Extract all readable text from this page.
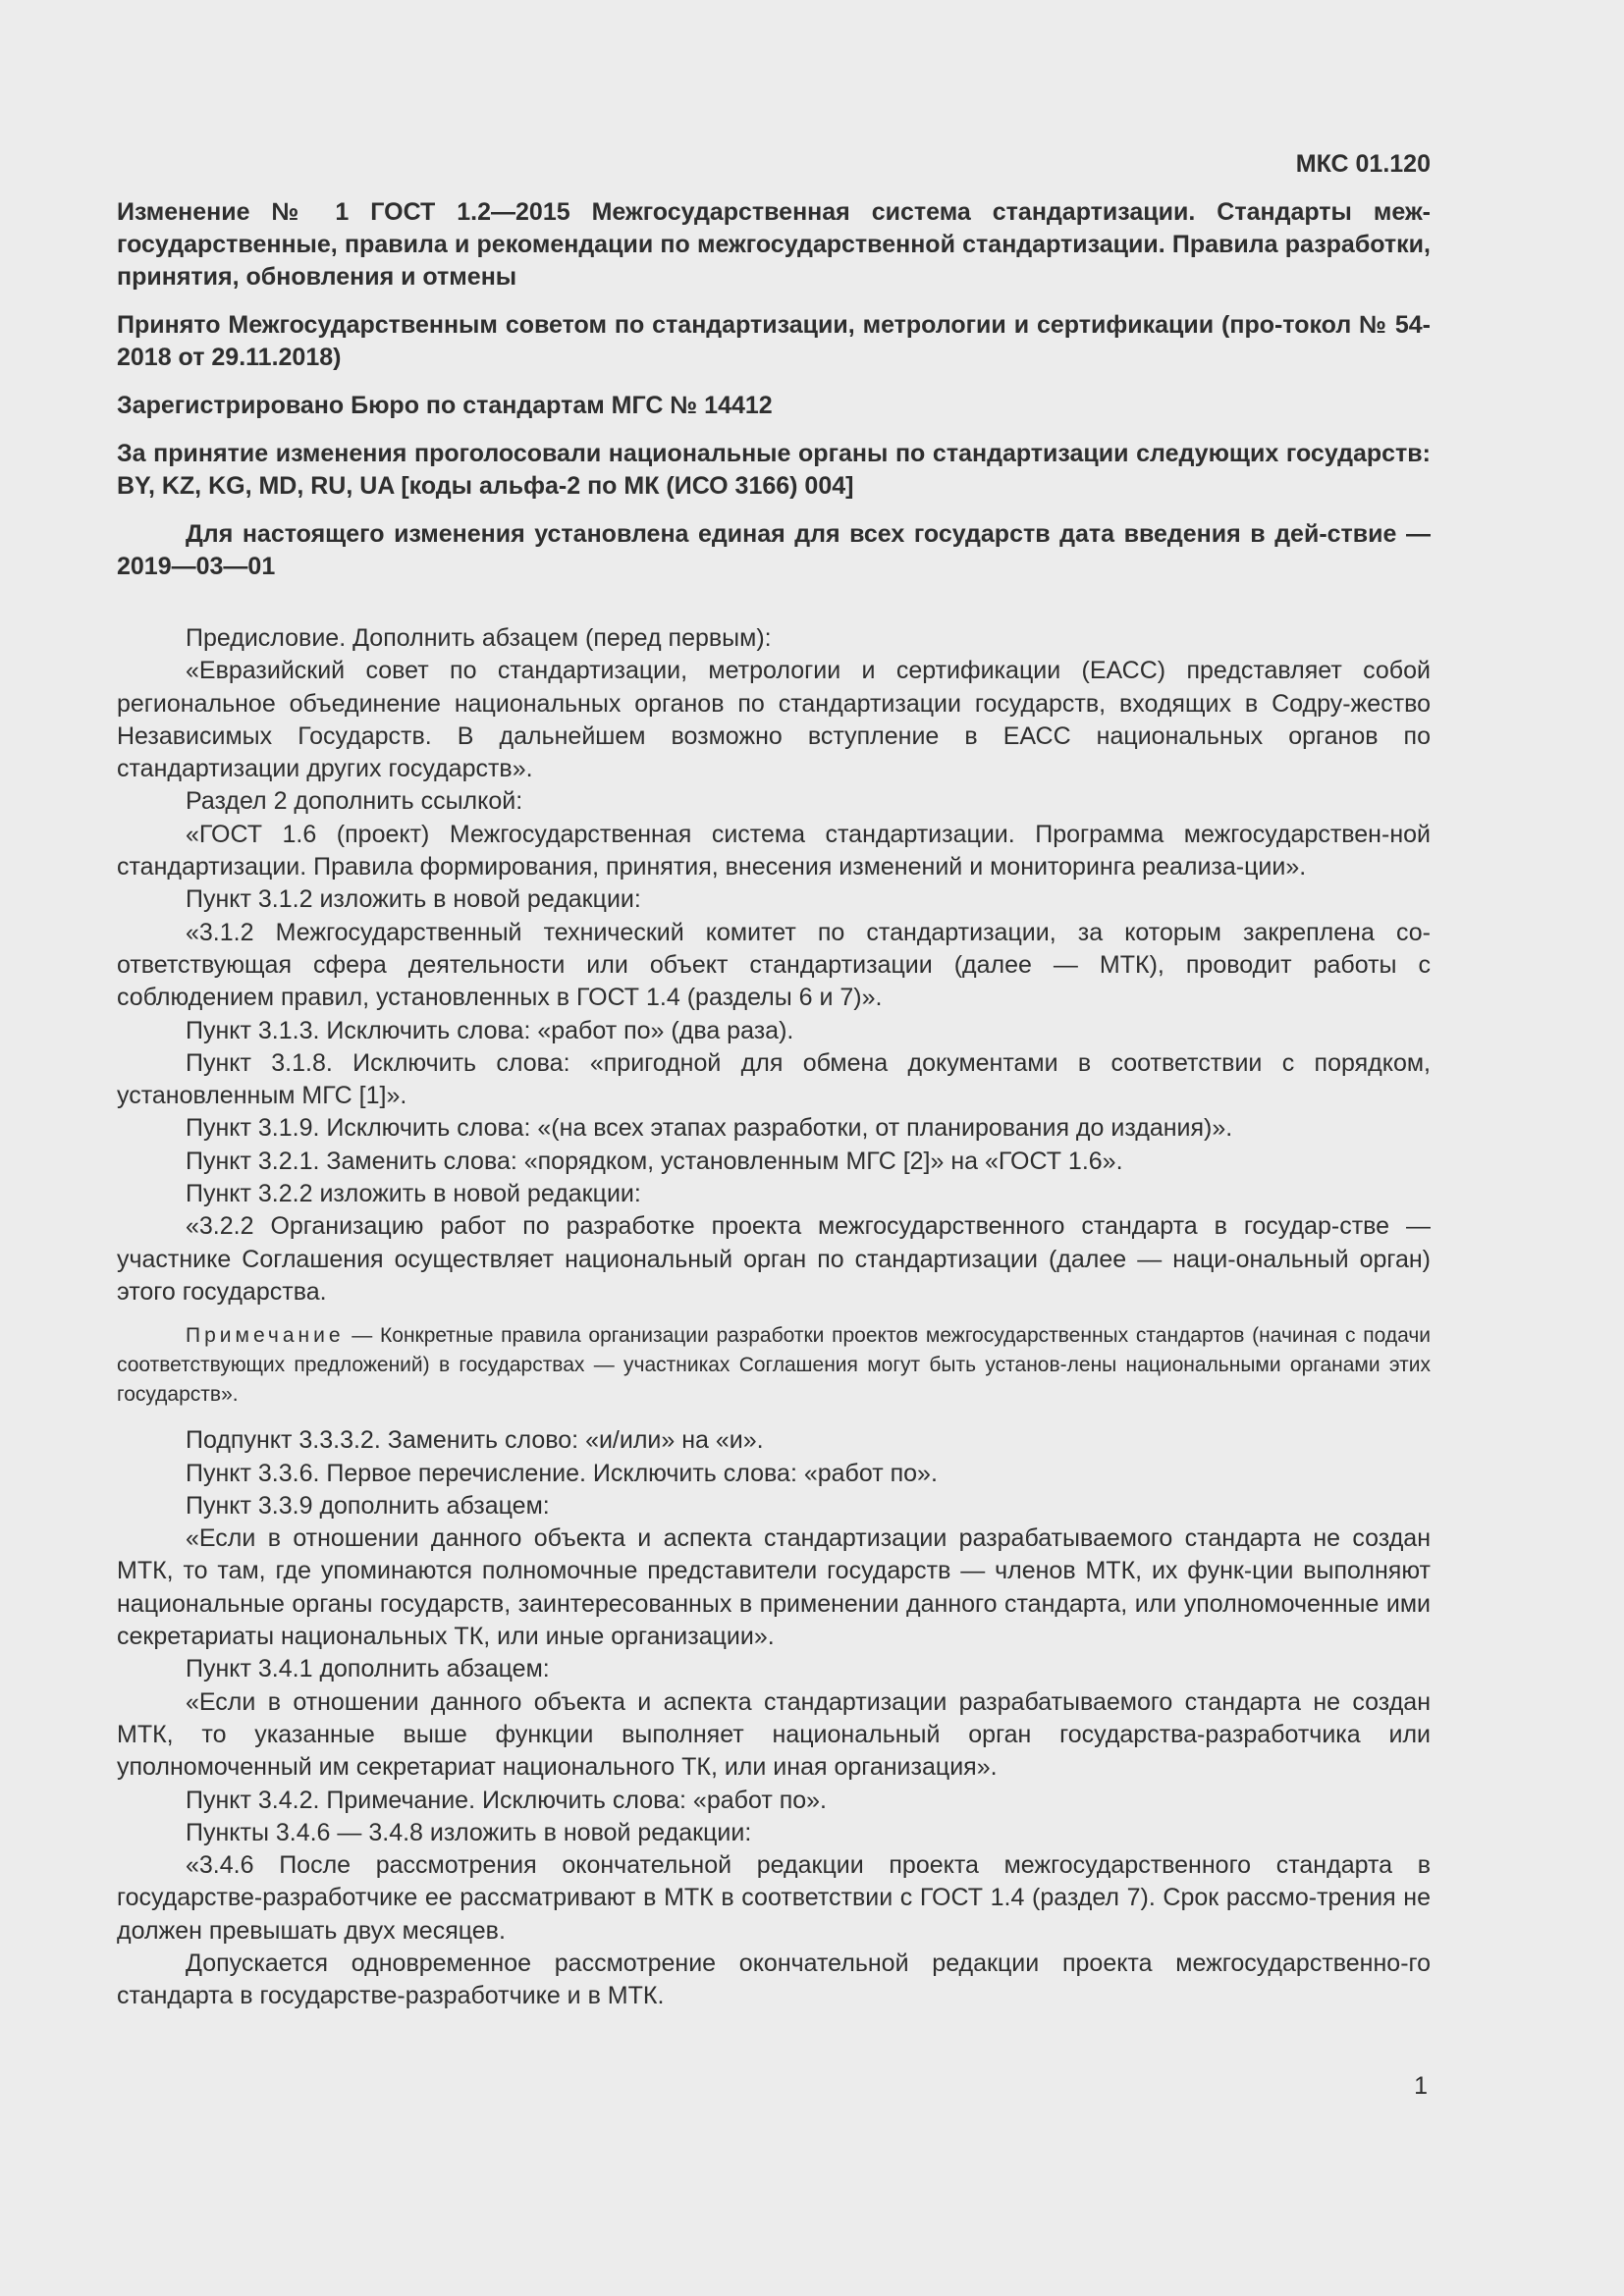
МКС 01.120
Изменение № 1 ГОСТ 1.2—2015 Межгосударственная система стандартизации. Стандарты меж-государственные, правила и рекомендации по межгосударственной стандартизации. Правила разработки, принятия, обновления и отмены
Принято Межгосударственным советом по стандартизации, метрологии и сертификации (про-токол № 54-2018 от 29.11.2018)
Зарегистрировано Бюро по стандартам МГС № 14412
За принятие изменения проголосовали национальные органы по стандартизации следующих государств: BY, KZ, KG, MD, RU, UA [коды альфа-2 по МК (ИСО 3166) 004]
Для настоящего изменения установлена единая для всех государств дата введения в дей-ствие — 2019—03—01

Предисловие. Дополнить абзацем (перед первым):

«Евразийский совет по стандартизации, метрологии и сертификации (ЕАСС) представляет собой региональное объединение национальных органов по стандартизации государств, входящих в Содру-жество Независимых Государств. В дальнейшем возможно вступление в ЕАСС национальных органов по стандартизации других государств».

Раздел 2 дополнить ссылкой:

«ГОСТ 1.6 (проект) Межгосударственная система стандартизации. Программа межгосударствен-ной стандартизации. Правила формирования, принятия, внесения изменений и мониторинга реализа-ции».

Пункт 3.1.2 изложить в новой редакции:

«3.1.2 Межгосударственный технический комитет по стандартизации, за которым закреплена со-ответствующая сфера деятельности или объект стандартизации (далее — МТК), проводит работы с соблюдением правил, установленных в ГОСТ 1.4 (разделы 6 и 7)».

Пункт 3.1.3. Исключить слова: «работ по» (два раза).

Пункт 3.1.8. Исключить слова: «пригодной для обмена документами в соответствии с порядком, установленным МГС [1]».

Пункт 3.1.9. Исключить слова: «(на всех этапах разработки, от планирования до издания)».

Пункт 3.2.1. Заменить слова: «порядком, установленным МГС [2]» на «ГОСТ 1.6».

Пункт 3.2.2 изложить в новой редакции:

«3.2.2 Организацию работ по разработке проекта межгосударственного стандарта в государ-стве — участнике Соглашения осуществляет национальный орган по стандартизации (далее — наци-ональный орган) этого государства.

Примечание — Конкретные правила организации разработки проектов межгосударственных стандартов (начиная с подачи соответствующих предложений) в государствах — участниках Соглашения могут быть установ-лены национальными органами этих государств».

Подпункт 3.3.3.2. Заменить слово: «и/или» на «и».

Пункт 3.3.6. Первое перечисление. Исключить слова: «работ по».

Пункт 3.3.9 дополнить абзацем:

«Если в отношении данного объекта и аспекта стандартизации разрабатываемого стандарта не создан МТК, то там, где упоминаются полномочные представители государств — членов МТК, их функ-ции выполняют национальные органы государств, заинтересованных в применении данного стандарта, или уполномоченные ими секретариаты национальных ТК, или иные организации».

Пункт 3.4.1 дополнить абзацем:

«Если в отношении данного объекта и аспекта стандартизации разрабатываемого стандарта не создан МТК, то указанные выше функции выполняет национальный орган государства-разработчика или уполномоченный им секретариат национального ТК, или иная организация».

Пункт 3.4.2. Примечание. Исключить слова: «работ по».

Пункты 3.4.6 — 3.4.8 изложить в новой редакции:

«3.4.6 После рассмотрения окончательной редакции проекта межгосударственного стандарта в государстве-разработчике ее рассматривают в МТК в соответствии с ГОСТ 1.4 (раздел 7). Срок рассмо-трения не должен превышать двух месяцев.

Допускается одновременное рассмотрение окончательной редакции проекта межгосударственно-го стандарта в государстве-разработчике и в МТК.

1
